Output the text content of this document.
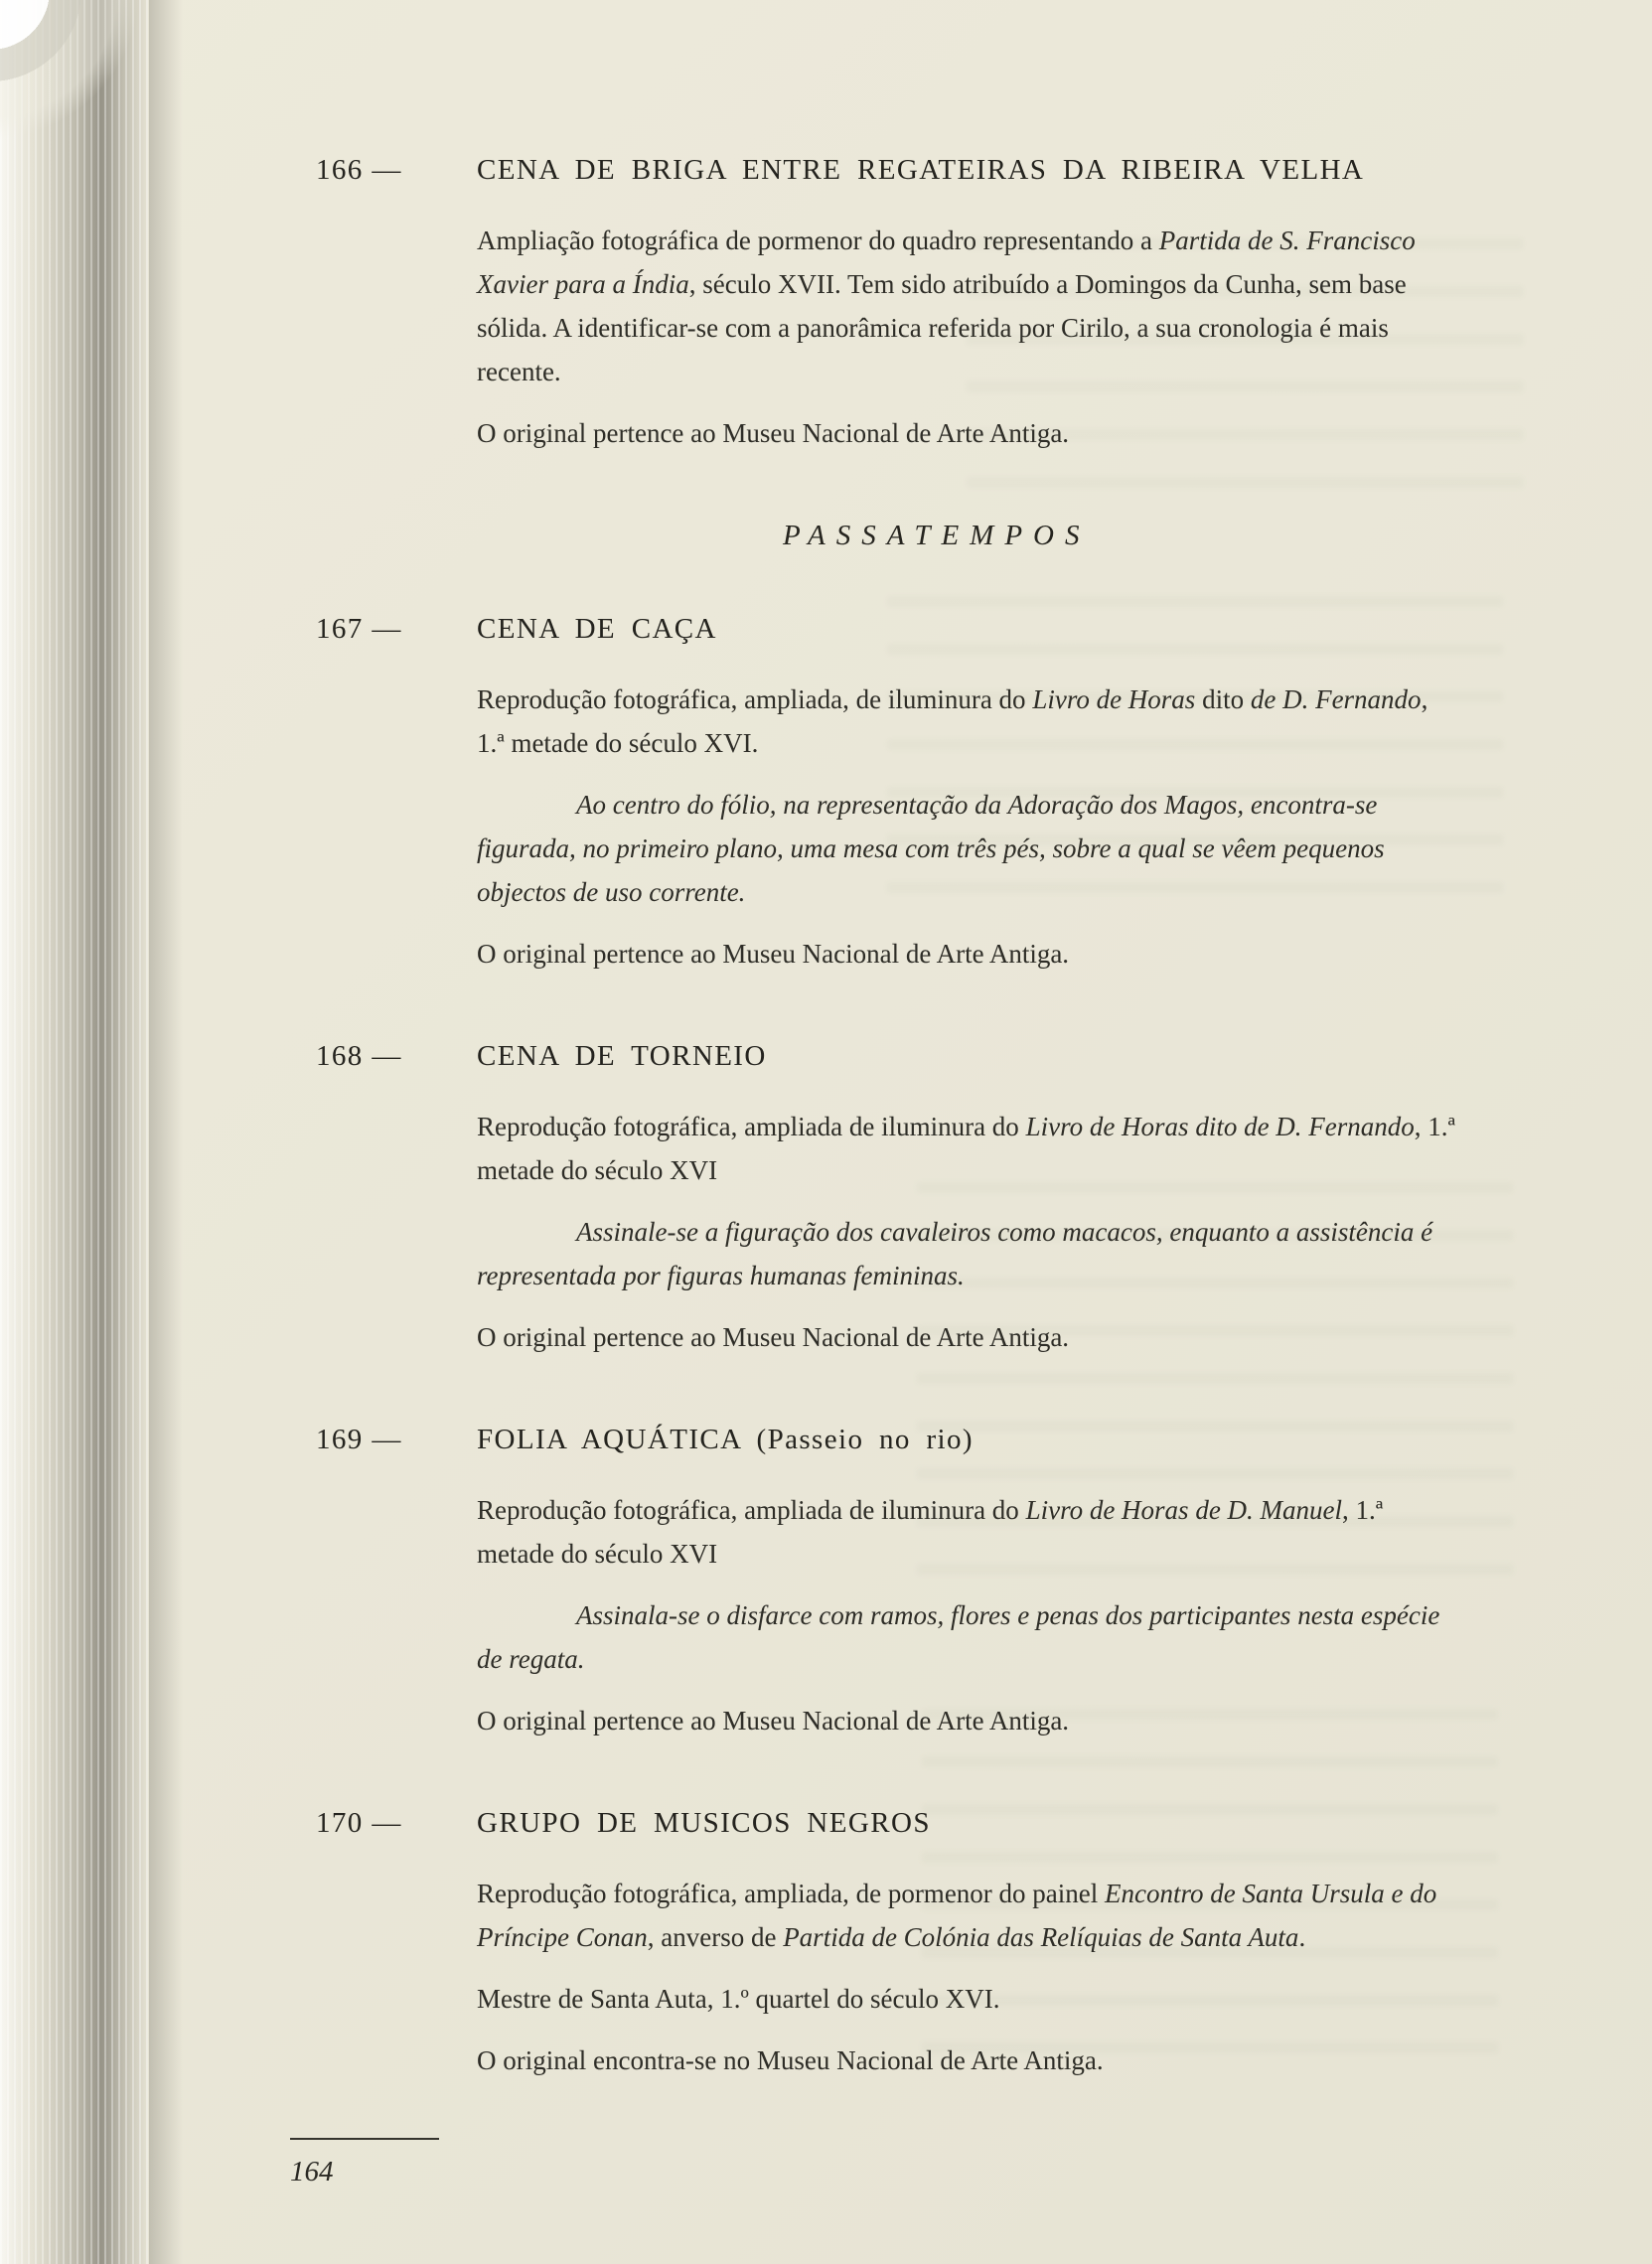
166 —	CENA DE BRIGA ENTRE REGATEIRAS DA RIBEIRA VELHA

Ampliação fotográfica de pormenor do quadro representando a Partida de S. Francisco Xavier para a Índia, século XVII. Tem sido atribuído a Domingos da Cunha, sem base sólida. A identificar-se com a panorâmica referida por Cirilo, a sua cronologia é mais recente.

O original pertence ao Museu Nacional de Arte Antiga.

PASSATEMPOS
167 —	CENA DE CAÇA

Reprodução fotográfica, ampliada, de iluminura do Livro de Horas dito de D. Fernando, 1.ª metade do século XVI.

Ao centro do fólio, na representação da Adoração dos Magos, encontra-se figurada, no primeiro plano, uma mesa com três pés, sobre a qual se vêem pequenos objectos de uso corrente.

O original pertence ao Museu Nacional de Arte Antiga.

168 —	CENA DE TORNEIO

Reprodução fotográfica, ampliada de iluminura do Livro de Horas dito de D. Fernando, 1.ª metade do século XVI

Assinale-se a figuração dos cavaleiros como macacos, enquanto a assistência é representada por figuras humanas femininas.

O original pertence ao Museu Nacional de Arte Antiga.

169 —	FOLIA AQUÁTICA (Passeio no rio)

Reprodução fotográfica, ampliada de iluminura do Livro de Horas de D. Manuel, 1.ª metade do século XVI

Assinala-se o disfarce com ramos, flores e penas dos participantes nesta espécie de regata.

O original pertence ao Museu Nacional de Arte Antiga.

170 —	GRUPO DE MUSICOS NEGROS

Reprodução fotográfica, ampliada, de pormenor do painel Encontro de Santa Ursula e do Príncipe Conan, anverso de Partida de Colónia das Relíquias de Santa Auta.

Mestre de Santa Auta, 1.º quartel do século XVI.

O original encontra-se no Museu Nacional de Arte Antiga.

164
